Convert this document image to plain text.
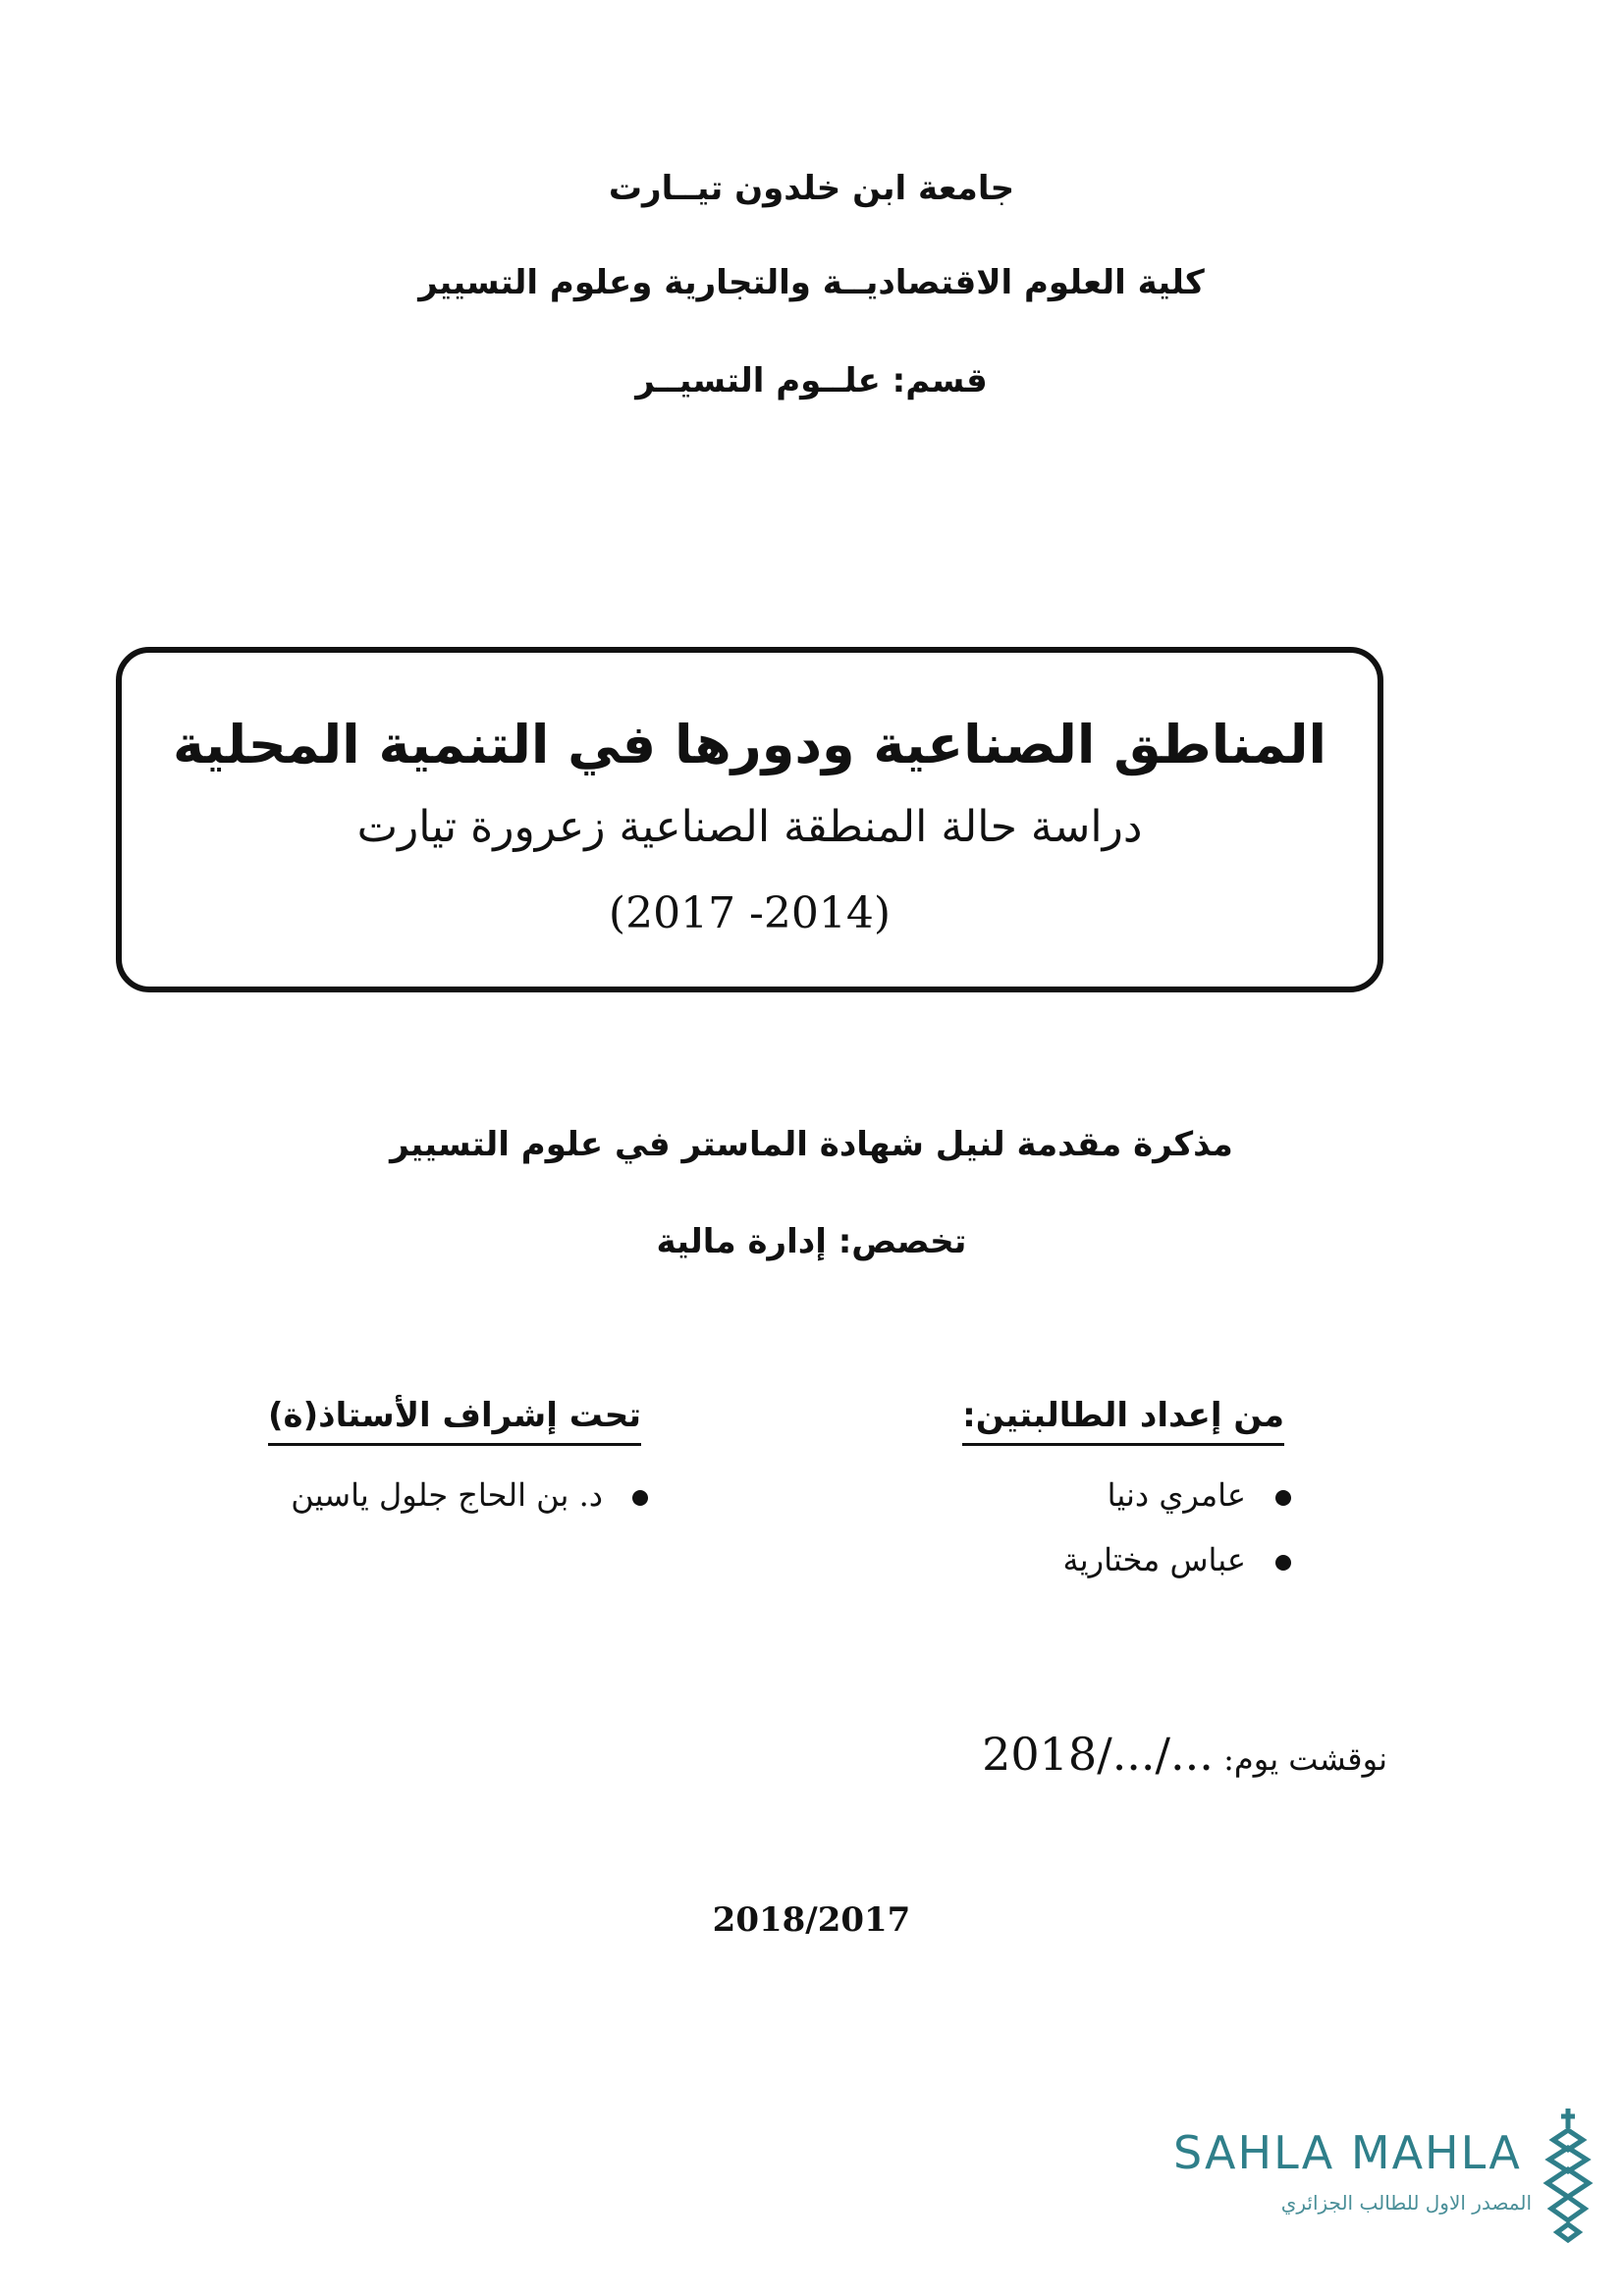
جامعة ابن خلدون تيــارت
كلية العلوم الاقتصاديــة والتجارية وعلوم التسيير
قسم: علــوم التسيــر
المناطق الصناعية ودورها في التنمية المحلية
دراسة حالة المنطقة الصناعية زعرورة تيارت
(2017 -2014)
مذكرة مقدمة لنيل شهادة الماستر في علوم التسيير
تخصص: إدارة مالية
من إعداد الطالبتين:
عامري دنيا
عباس مختارية
تحت إشراف الأستاذ(ة)
د. بن الحاج جلول ياسين
نوقشت يوم: 2018/.../...
2018/2017
SAHLA MAHLA
المصدر الاول للطالب الجزائري
